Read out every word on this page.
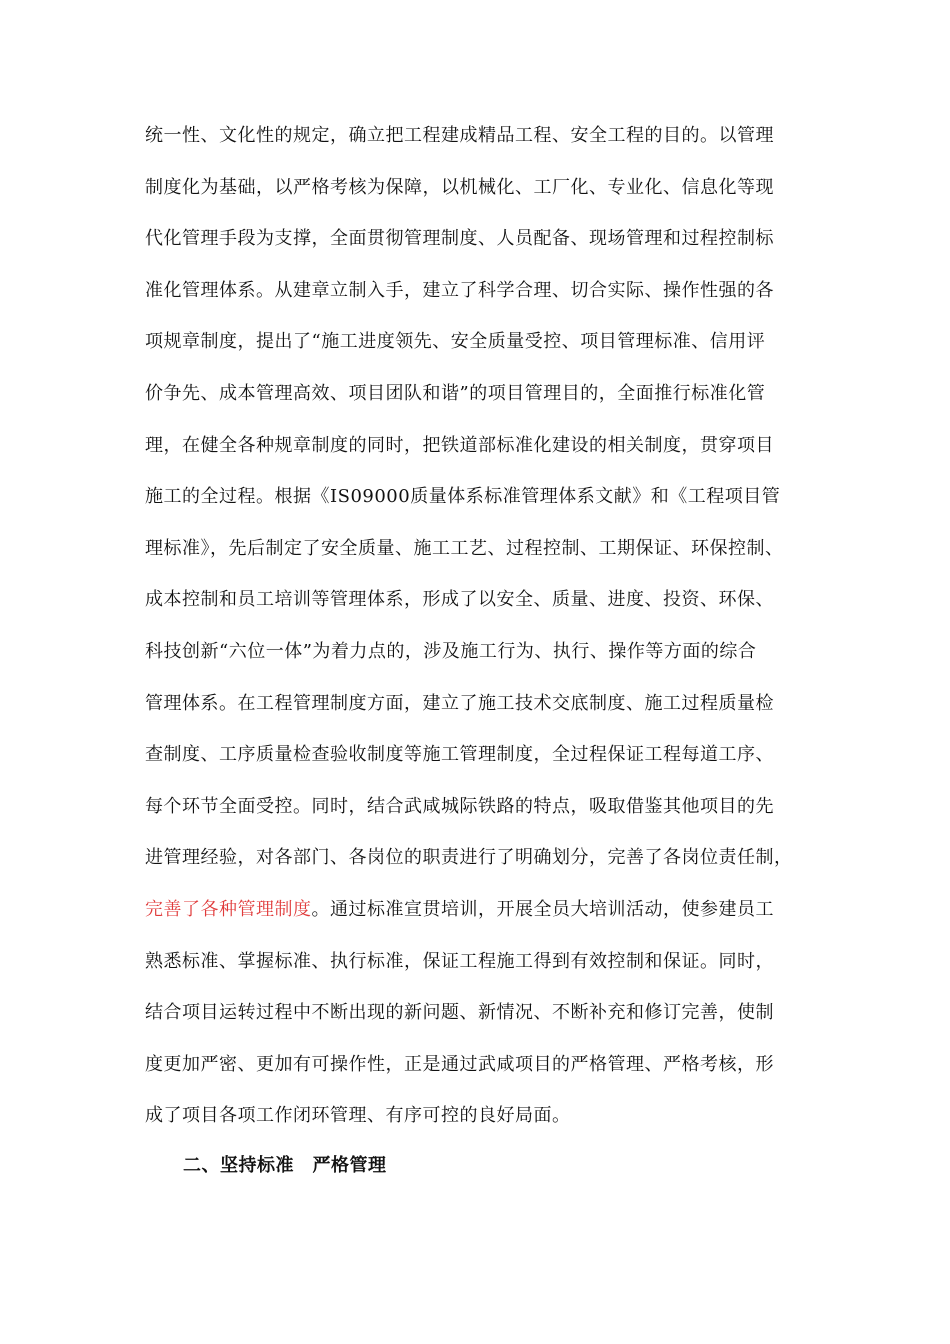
统一性、文化性的规定，确立把工程建成精品工程、安全工程的目的。以管理
制度化为基础，以严格考核为保障，以机械化、工厂化、专业化、信息化等现
代化管理手段为支撑，全面贯彻管理制度、人员配备、现场管理和过程控制标
准化管理体系。从建章立制入手，建立了科学合理、切合实际、操作性强的各
项规章制度，提出了“施工进度领先、安全质量受控、项目管理标准、信用评
价争先、成本管理高效、项目团队和谐”的项目管理目的，全面推行标准化管
理，在健全各种规章制度的同时，把铁道部标准化建设的相关制度，贯穿项目
施工的全过程。根据《IS09000质量体系标准管理体系文献》和《工程项目管
理标准》，先后制定了安全质量、施工工艺、过程控制、工期保证、环保控制、
成本控制和员工培训等管理体系，形成了以安全、质量、进度、投资、环保、
科技创新“六位一体”为着力点的，涉及施工行为、执行、操作等方面的综合
管理体系。在工程管理制度方面，建立了施工技术交底制度、施工过程质量检
查制度、工序质量检查验收制度等施工管理制度，全过程保证工程每道工序、
每个环节全面受控。同时，结合武咸城际铁路的特点，吸取借鉴其他项目的先
进管理经验，对各部门、各岗位的职责进行了明确划分，完善了各岗位责任制，
完善了各种管理制度。通过标准宣贯培训，开展全员大培训活动，使参建员工
熟悉标准、掌握标准、执行标准，保证工程施工得到有效控制和保证。同时，
结合项目运转过程中不断出现的新问题、新情况、不断补充和修订完善，使制
度更加严密、更加有可操作性，正是通过武咸项目的严格管理、严格考核，形
成了项目各项工作闭环管理、有序可控的良好局面。
二、坚持标准　严格管理
